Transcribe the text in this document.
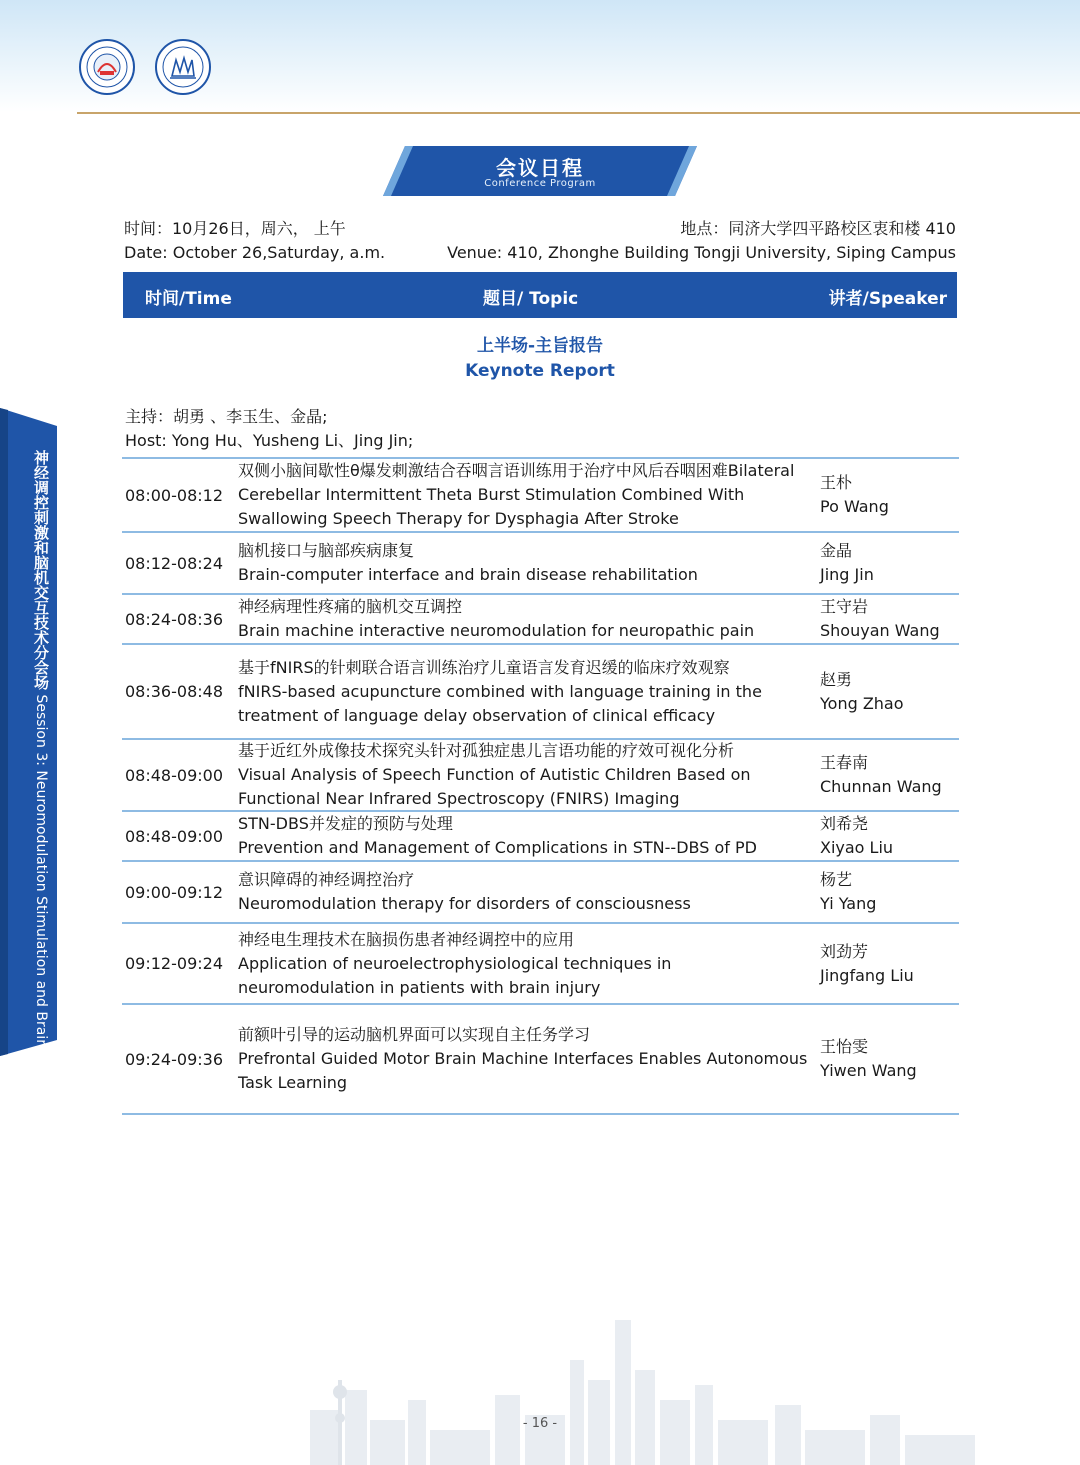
会议日程
Conference Program
时间：10月26日，周六， 上午
Date: October 26,Saturday, a.m.
地点：同济大学四平路校区衷和楼 410
Venue: 410, Zhonghe Building Tongji University, Siping Campus
时间/Time	题目/ Topic	讲者/Speaker
上半场-主旨报告
Keynote Report
主持：胡勇 、李玉生、金晶;
Host: Yong Hu、Yusheng Li、Jing Jin;
08:00-08:12
双侧小脑间歇性θ爆发刺激结合吞咽言语训练用于治疗中风后吞咽困难Bilateral
Cerebellar Intermittent Theta Burst Stimulation Combined With
Swallowing Speech Therapy for Dysphagia After Stroke
王朴
Po Wang
08:12-08:24
脑机接口与脑部疾病康复
Brain-computer interface and brain disease rehabilitation
金晶
Jing Jin
08:24-08:36
神经病理性疼痛的脑机交互调控
Brain machine interactive neuromodulation for neuropathic pain
王守岩
Shouyan Wang
08:36-08:48
基于fNIRS的针刺联合语言训练治疗儿童语言发育迟缓的临床疗效观察
fNIRS-based acupuncture combined with language training in the
treatment of language delay observation of clinical efficacy
赵勇
Yong Zhao
08:48-09:00
基于近红外成像技术探究头针对孤独症患儿言语功能的疗效可视化分析
Visual Analysis of Speech Function of Autistic Children Based on
Functional Near Infrared Spectroscopy (FNIRS) Imaging
王春南
Chunnan Wang
08:48-09:00
STN-DBS并发症的预防与处理
Prevention and Management of Complications in STN--DBS of PD
刘希尧
Xiyao Liu
09:00-09:12
意识障碍的神经调控治疗
Neuromodulation therapy for disorders of consciousness
杨艺
Yi Yang
09:12-09:24
神经电生理技术在脑损伤患者神经调控中的应用
Application of neuroelectrophysiological techniques in
neuromodulation in patients with brain injury
刘劲芳
Jingfang Liu
09:24-09:36
前额叶引导的运动脑机界面可以实现自主任务学习
Prefrontal Guided Motor Brain Machine Interfaces Enables Autonomous
Task Learning
王怡雯
Yiwen Wang
神经调控刺激和脑机交互技术分会场 Session 3: Neuromodulation Stimulation and Brain-Computer Interaction Technology
- 16 -
